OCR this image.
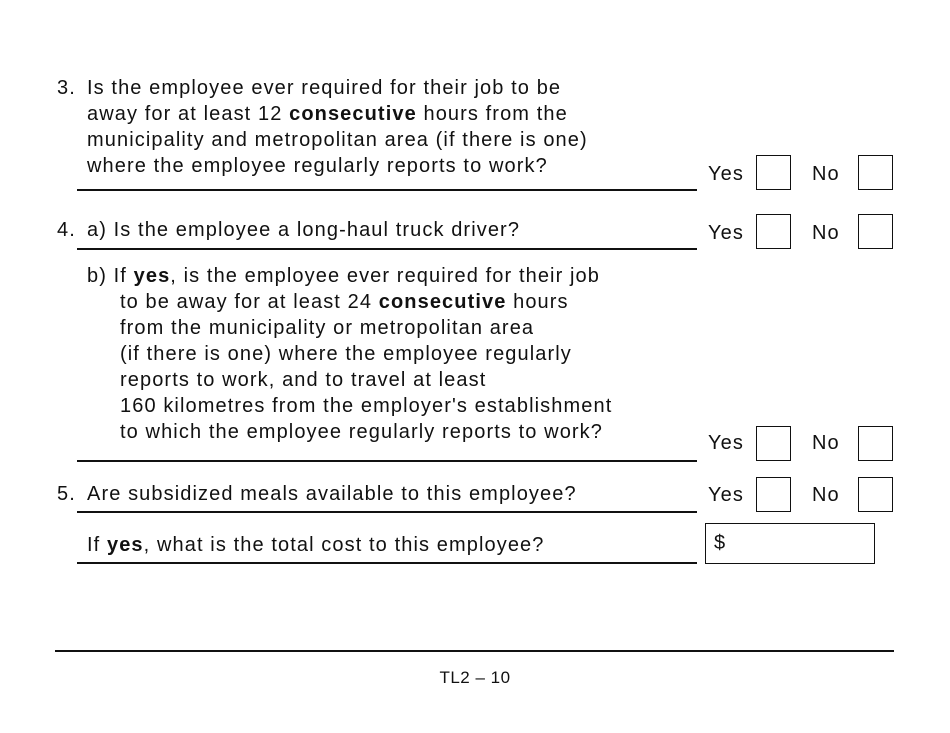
3. Is the employee ever required for their job to be
away for at least 12 consecutive hours from the
municipality and metropolitan area (if there is one)
where the employee regularly reports to work?	Yes	No
4. a) Is the employee a long-haul truck driver?	Yes	No
b) If yes, is the employee ever required for their job
to be away for at least 24 consecutive hours
from the municipality or metropolitan area
(if there is one) where the employee regularly
reports to work, and to travel at least
160 kilometres from the employer's establishment
to which the employee regularly reports to work?	Yes	No
5. Are subsidized meals available to this employee?	Yes	No
If yes, what is the total cost to this employee?	$
TL2 – 10
